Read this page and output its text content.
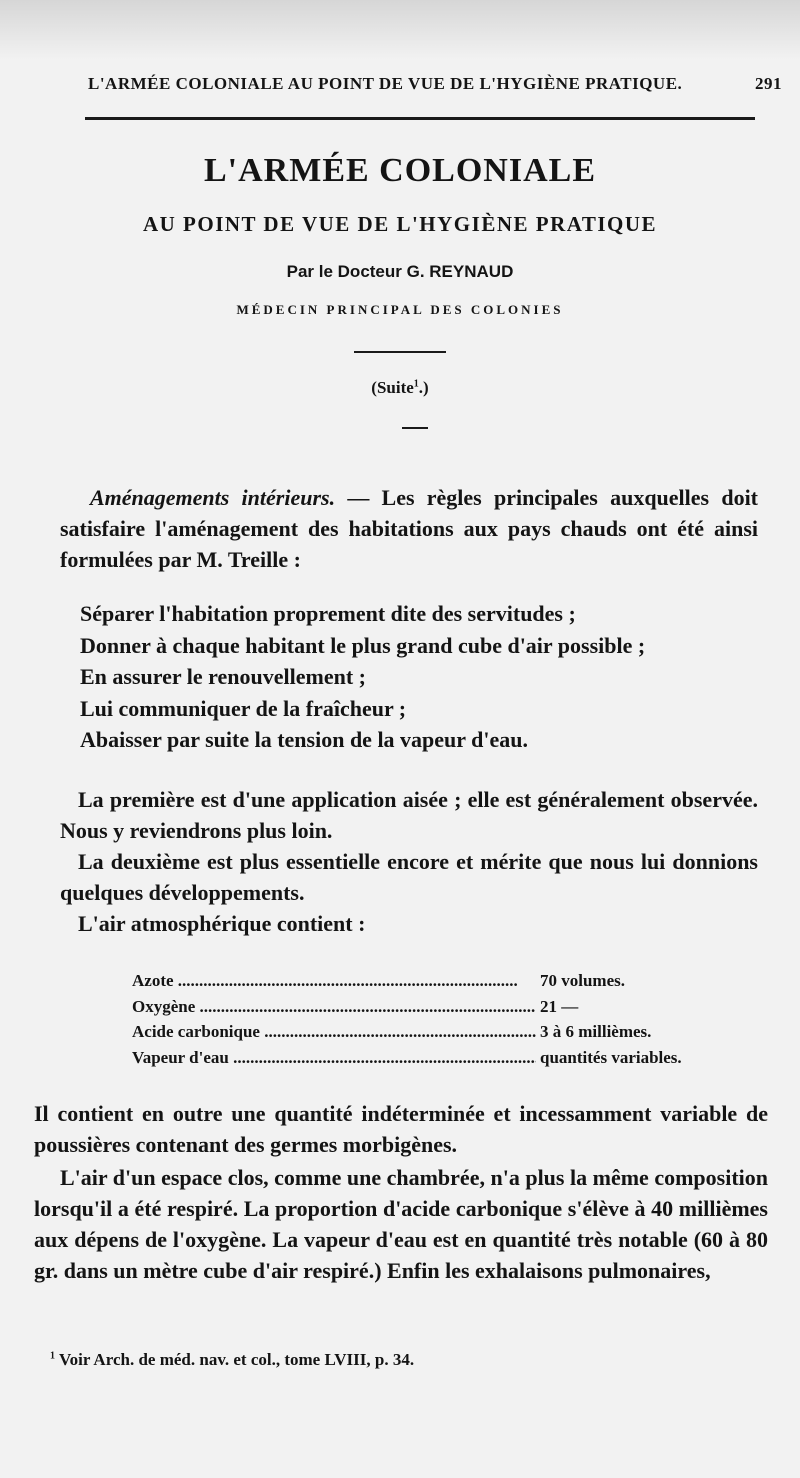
L'ARMÉE COLONIALE AU POINT DE VUE DE L'HYGIÈNE PRATIQUE.	291
L'ARMÉE COLONIALE
AU POINT DE VUE DE L'HYGIÈNE PRATIQUE
Par le Docteur G. REYNAUD
MÉDECIN PRINCIPAL DES COLONIES
(Suite$^1$.)
Aménagements intérieurs. — Les règles principales auxquelles doit satisfaire l'aménagement des habitations aux pays chauds ont été ainsi formulées par M. Treille :
Séparer l'habitation proprement dite des servitudes ;
Donner à chaque habitant le plus grand cube d'air possible ;
En assurer le renouvellement ;
Lui communiquer de la fraîcheur ;
Abaisser par suite la tension de la vapeur d'eau.
La première est d'une application aisée ; elle est généralement observée. Nous y reviendrons plus loin.
La deuxième est plus essentielle encore et mérite que nous lui donnions quelques développements.
L'air atmosphérique contient :
Azote .....	70 volumes.
Oxygène .....	21 —
Acide carbonique .....	3 à 6 millièmes.
Vapeur d'eau .....	quantités variables.
Il contient en outre une quantité indéterminée et incessamment variable de poussières contenant des germes morbigènes.
L'air d'un espace clos, comme une chambrée, n'a plus la même composition lorsqu'il a été respiré. La proportion d'acide carbonique s'élève à 40 millièmes aux dépens de l'oxygène. La vapeur d'eau est en quantité très notable (60 à 80 gr. dans un mètre cube d'air respiré.) Enfin les exhalaisons pulmonaires,
$^1$ Voir Arch. de méd. nav. et col., tome LVIII, p. 34.
